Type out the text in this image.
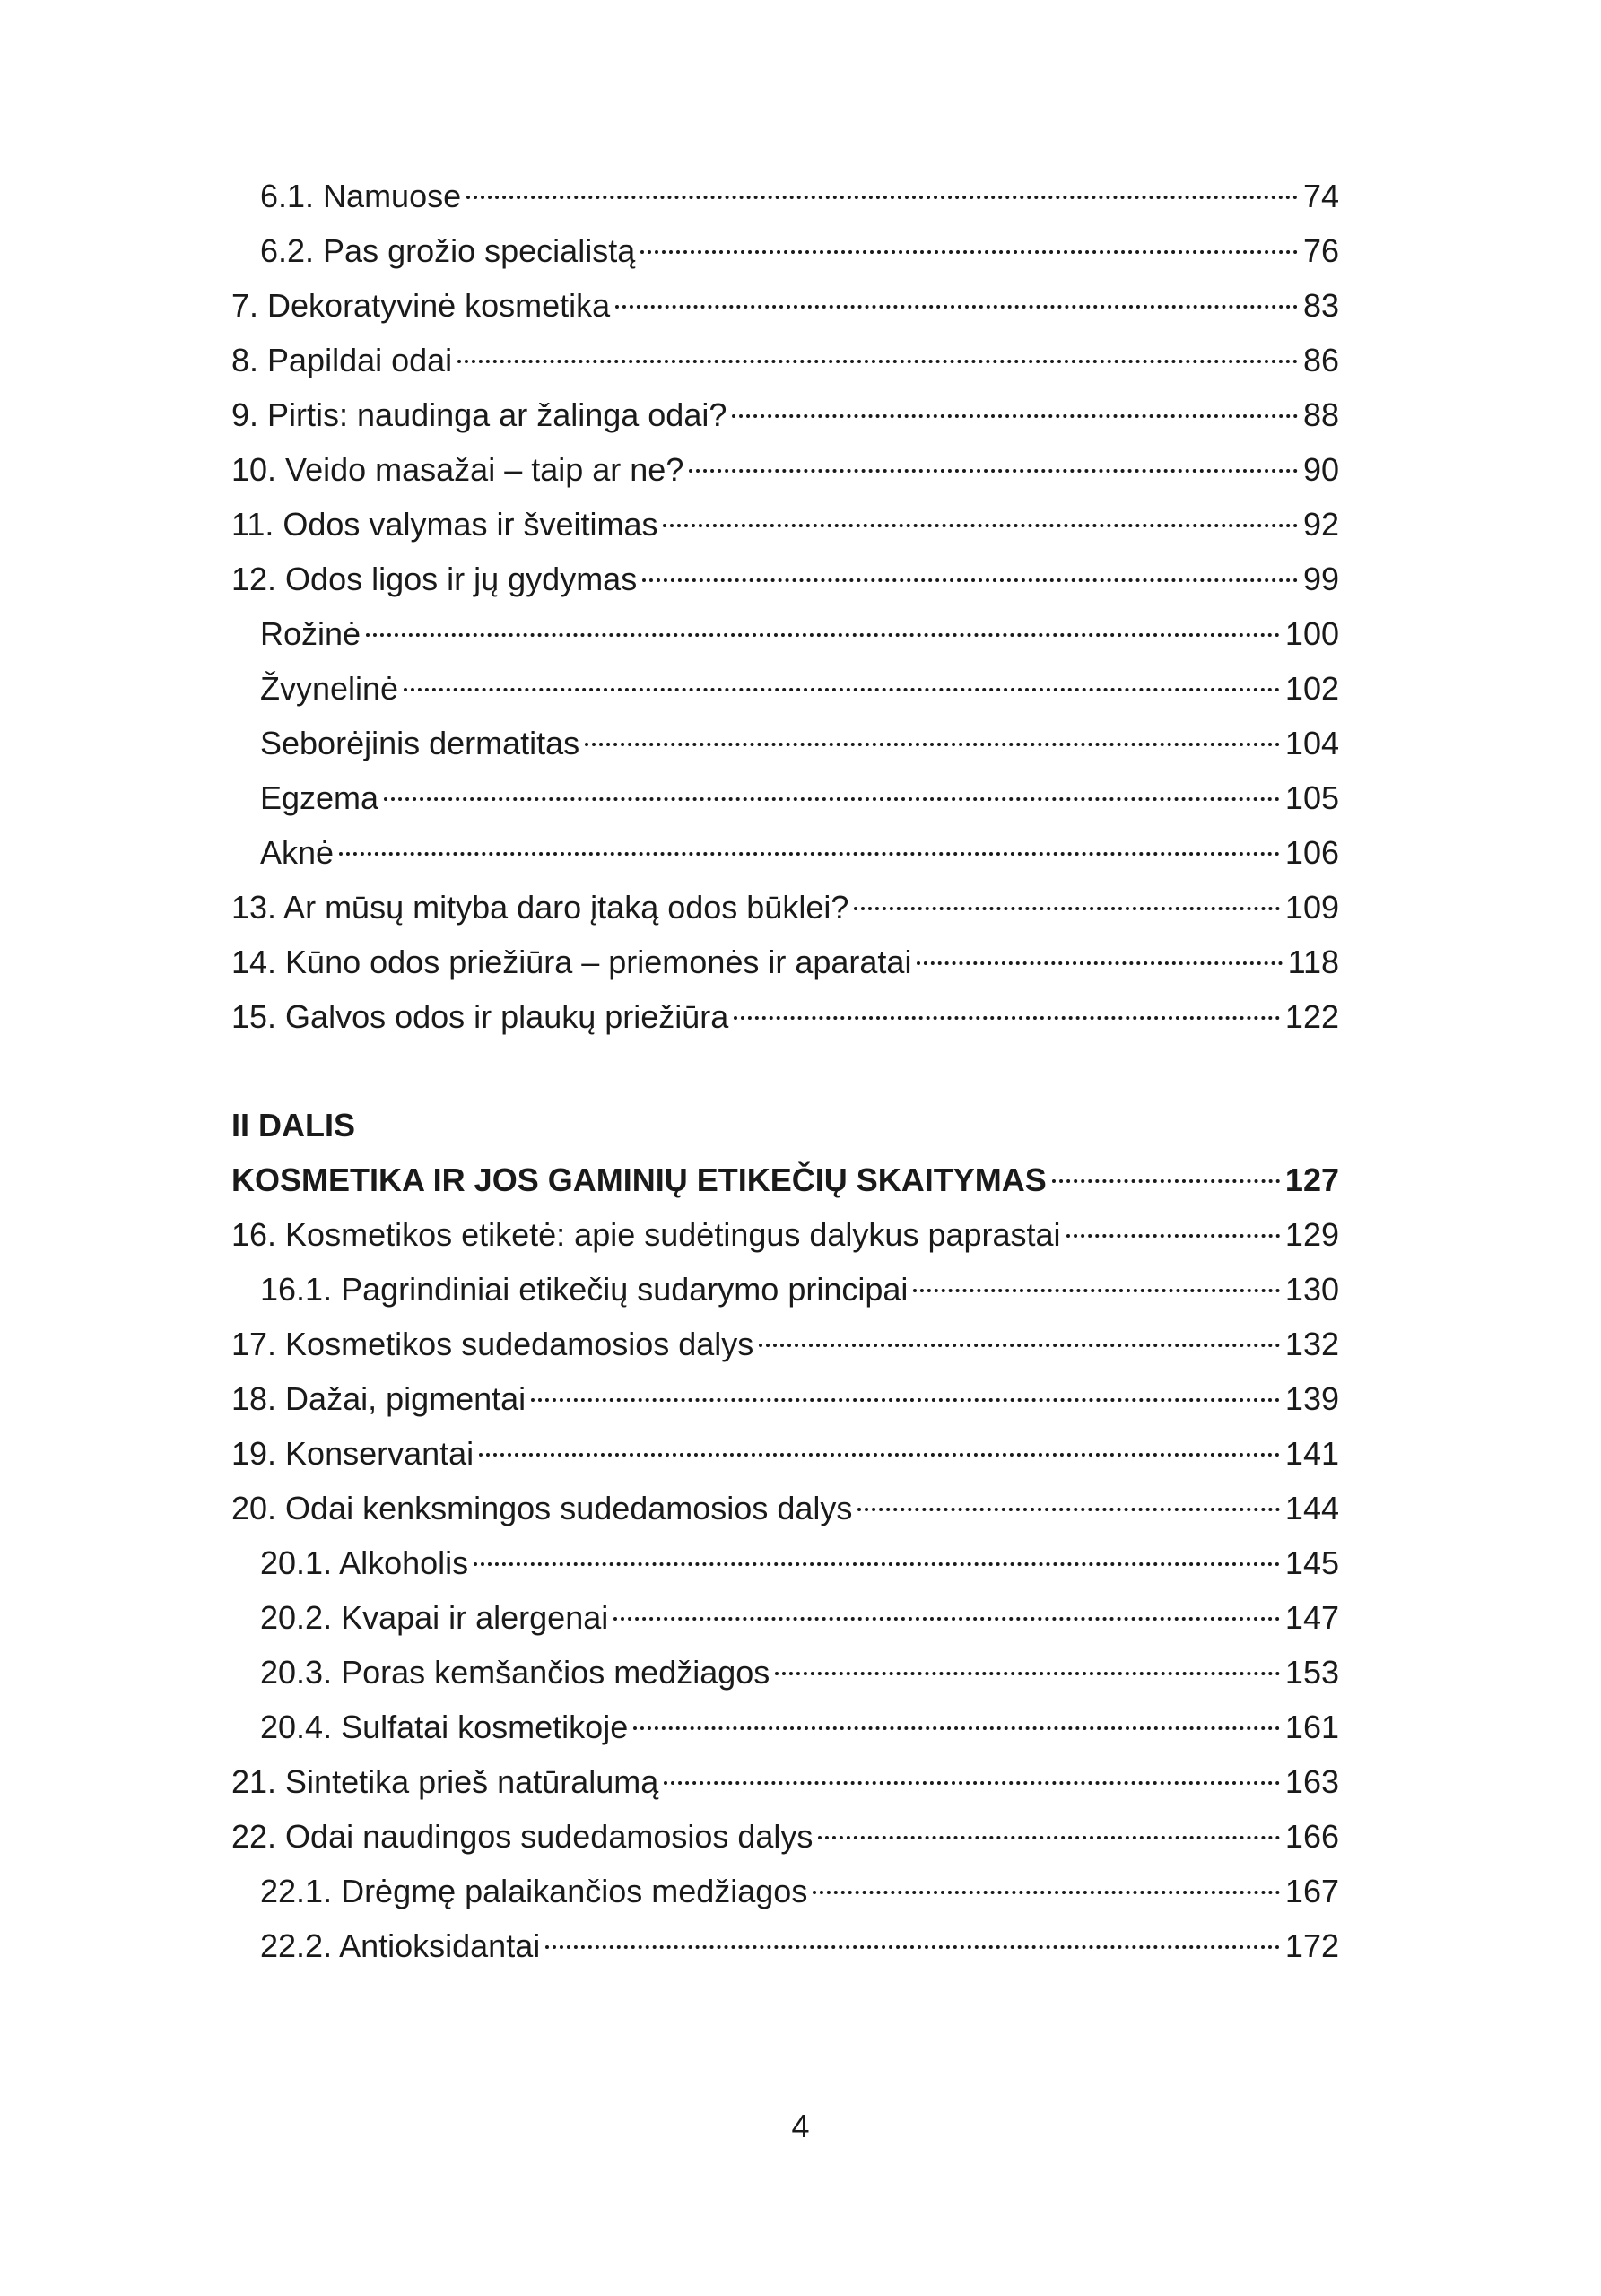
6.1. Namuose	74
6.2. Pas grožio specialistą	76
7. Dekoratyvinė kosmetika	83
8. Papildai odai	86
9. Pirtis: naudinga ar žalinga odai?	88
10. Veido masažai – taip ar ne?	90
11. Odos valymas ir šveitimas	92
12. Odos ligos ir jų gydymas	99
Rožinė	100
Žvynelinė	102
Seborėjinis dermatitas	104
Egzema	105
Aknė	106
13. Ar mūsų mityba daro įtaką odos būklei?	109
14. Kūno odos priežiūra – priemonės ir aparatai	118
15. Galvos odos ir plaukų priežiūra	122
II DALIS
KOSMETIKA IR JOS GAMINIŲ ETIKEČIŲ SKAITYMAS	127
16. Kosmetikos etiketė: apie sudėtingus dalykus paprastai	129
16.1. Pagrindiniai etikečių sudarymo principai	130
17. Kosmetikos sudedamosios dalys	132
18. Dažai, pigmentai	139
19. Konservantai	141
20. Odai kenksmingos sudedamosios dalys	144
20.1. Alkoholis	145
20.2. Kvapai ir alergenai	147
20.3. Poras kemšančios medžiagos	153
20.4. Sulfatai kosmetikoje	161
21. Sintetika prieš natūralumą	163
22. Odai naudingos sudedamosios dalys	166
22.1. Drėgmę palaikančios medžiagos	167
22.2. Antioksidantai	172
4
